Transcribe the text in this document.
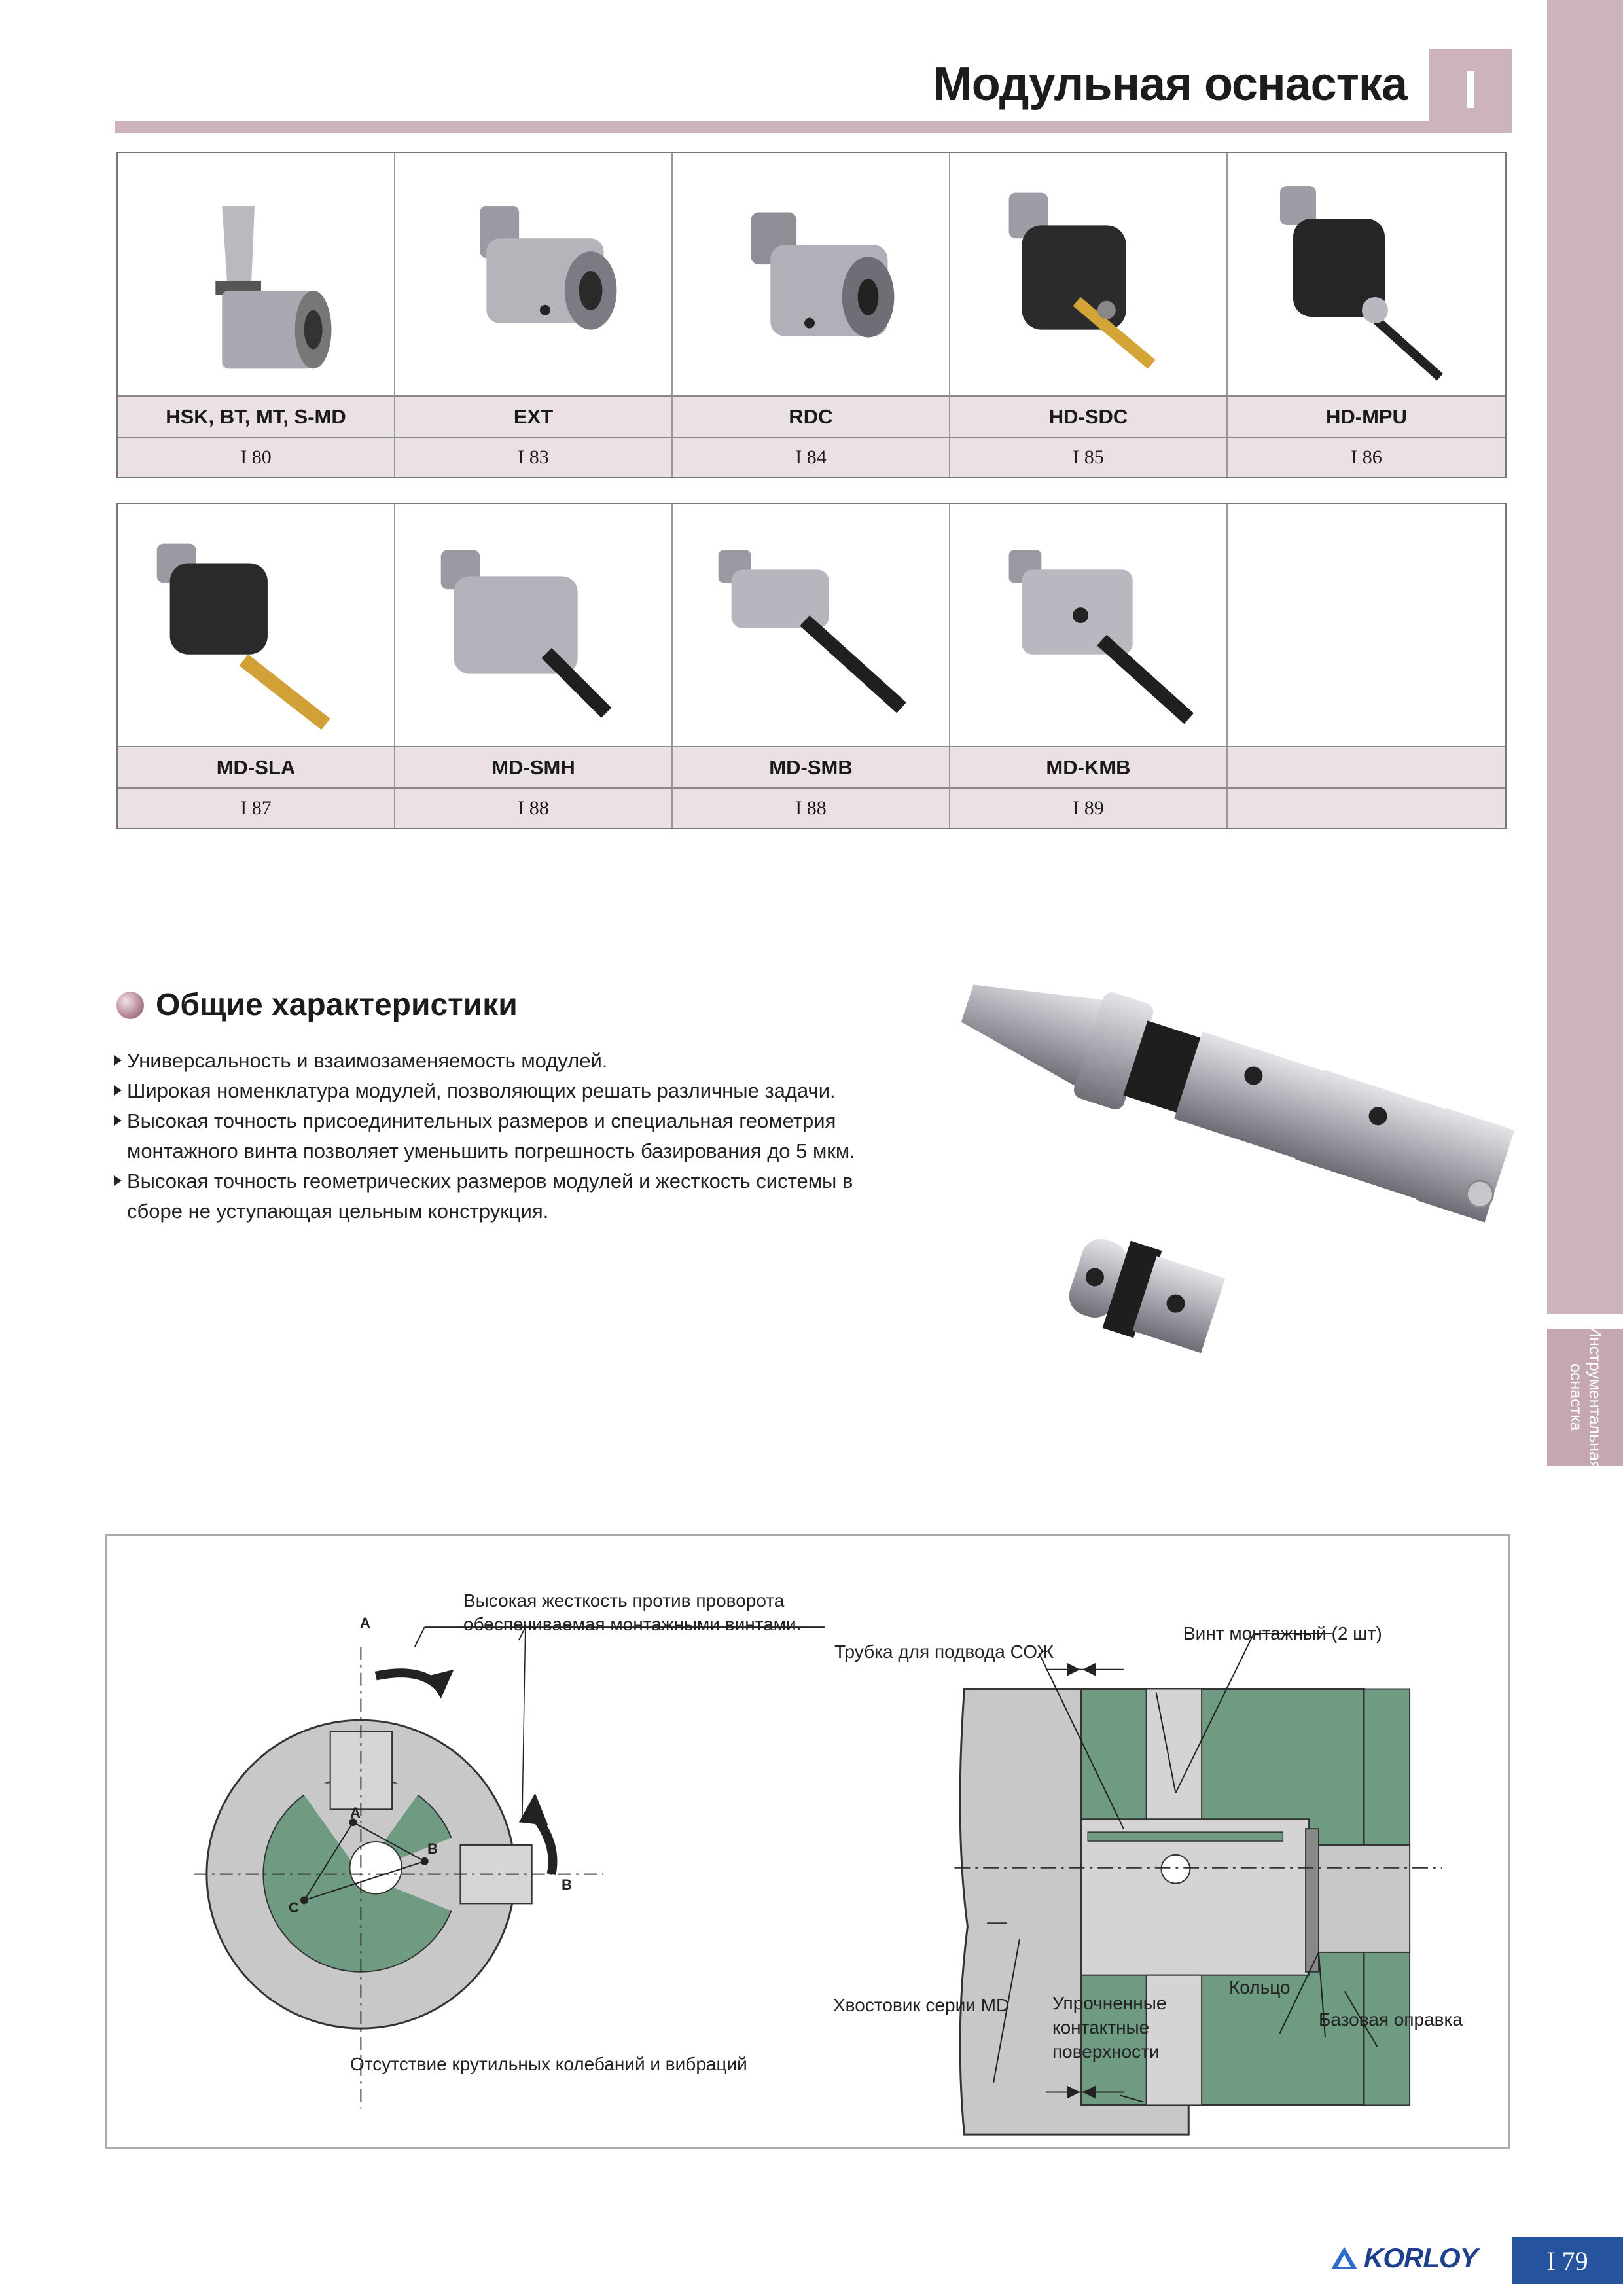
Инструментальная оснастка
Модульная оснастка	I
HSK, BT, MT, S-MD	EXT	RDC	HD-SDC	HD-MPU
I 80	I 83	I 84	I 85	I 86
MD-SLA	MD-SMH	MD-SMB	MD-KMB
I 87	I 88	I 88	I 89
Общие характеристики
Универсальность и взаимозаменяемость модулей.
Широкая номенклатура модулей, позволяющих решать различные задачи.
Высокая точность присоединительных размеров и специальная геометрия монтажного винта позволяет уменьшить погрешность базирования до 5 мкм.
Высокая точность геометрических размеров модулей и жесткость системы в сборе не уступающая цельным конструкция.
A
B
A
B
C
Высокая жесткость против проворота
обеспечиваемая монтажными винтами.
Отсутствие крутильных колебаний и вибраций
Трубка для подвода СОЖ
Винт монтажный (2 шт)
Хвостовик серии MD Упрочненные
контактные
поверхности
Кольцо
Базовая оправка
KORLOY	I 79
